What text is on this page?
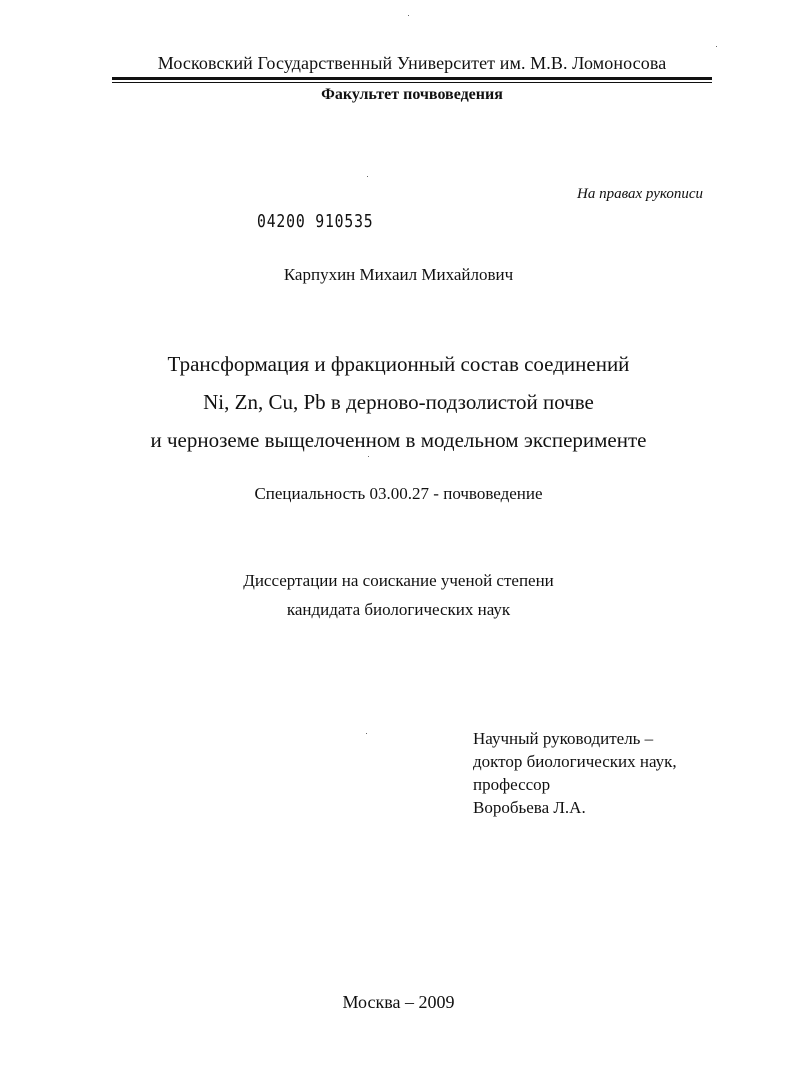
Московский Государственный Университет им. М.В. Ломоносова

Факультет почвоведения

На правах рукописи

04200 910535

Карпухин Михаил Михайлович

Трансформация и фракционный состав соединений
Ni, Zn, Cu, Pb в дерново-подзолистой почве
и черноземе выщелоченном в модельном эксперименте

Специальность 03.00.27 - почвоведение

Диссертации на соискание ученой степени
кандидата биологических наук

Научный руководитель –
доктор биологических наук,
профессор
Воробьева Л.А.

Москва – 2009
